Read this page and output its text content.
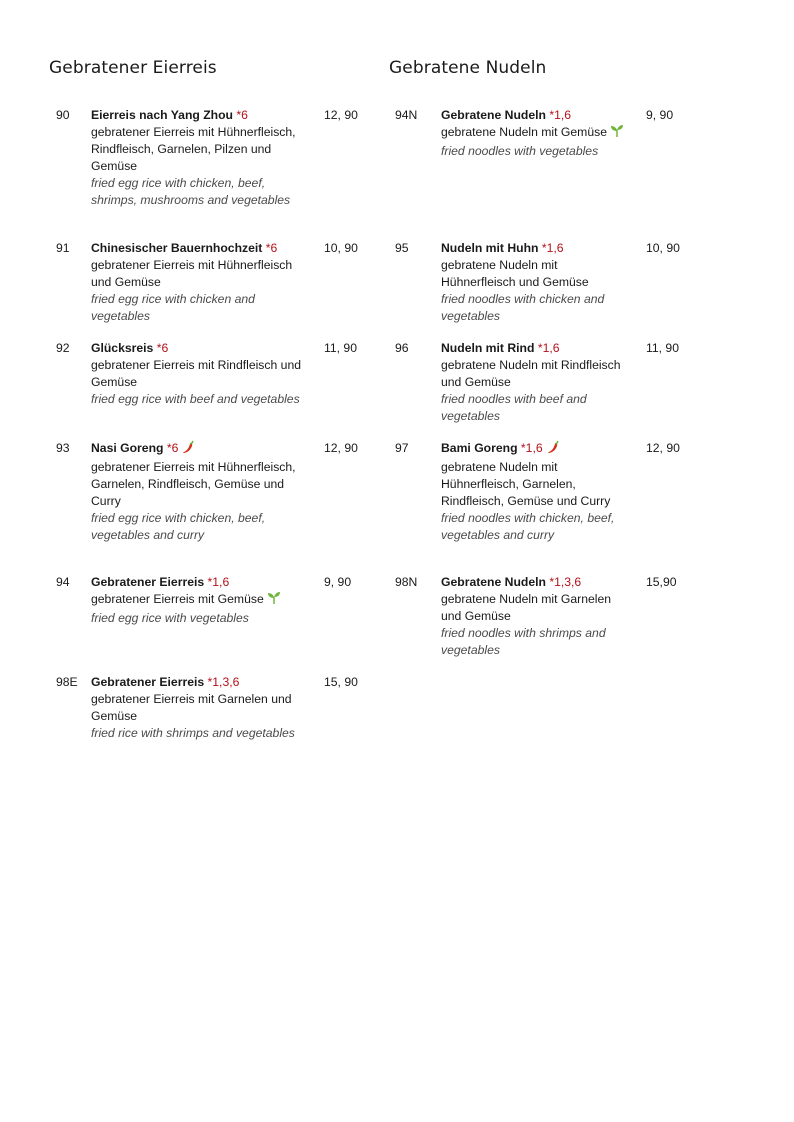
Gebratener Eierreis	Gebratene Nudeln
90 Eierreis nach Yang Zhou *6
gebratener Eierreis mit Hühnerfleisch, Rindfleisch, Garnelen, Pilzen und Gemüse
fried egg rice with chicken, beef, shrimps, mushrooms and vegetables
12, 90
91 Chinesischer Bauernhochzeit *6
gebratener Eierreis mit Hühnerfleisch und Gemüse
fried egg rice with chicken and vegetables
10, 90
92 Glücksreis *6
gebratener Eierreis mit Rindfleisch und Gemüse
fried egg rice with beef and vegetables
11, 90
93 Nasi Goreng *6
gebratener Eierreis mit Hühnerfleisch, Garnelen, Rindfleisch, Gemüse und Curry
fried egg rice with chicken, beef, vegetables and curry
12, 90
94 Gebratener Eierreis *1,6
gebratener Eierreis mit Gemüse
fried egg rice with vegetables
9, 90
98E Gebratener Eierreis *1,3,6
gebratener Eierreis mit Garnelen und Gemüse
fried rice with shrimps and vegetables
15, 90
94N Gebratene Nudeln *1,6
gebratene Nudeln mit Gemüse
fried noodles with vegetables
9, 90
95	Nudeln mit Huhn *1,6
gebratene Nudeln mit Hühnerfleisch und Gemüse
fried noodles with chicken and vegetables
10, 90
96	Nudeln mit Rind *1,6
gebratene Nudeln mit Rindfleisch und Gemüse
fried noodles with beef and vegetables
11, 90
97	Bami Goreng *1,6
gebratene Nudeln mit Hühnerfleisch, Garnelen, Rindfleisch, Gemüse und Curry
fried noodles with chicken, beef, vegetables and curry
12, 90
98N Gebratene Nudeln *1,3,6
gebratene Nudeln mit Garnelen und Gemüse
fried noodles with shrimps and vegetables
15,90
